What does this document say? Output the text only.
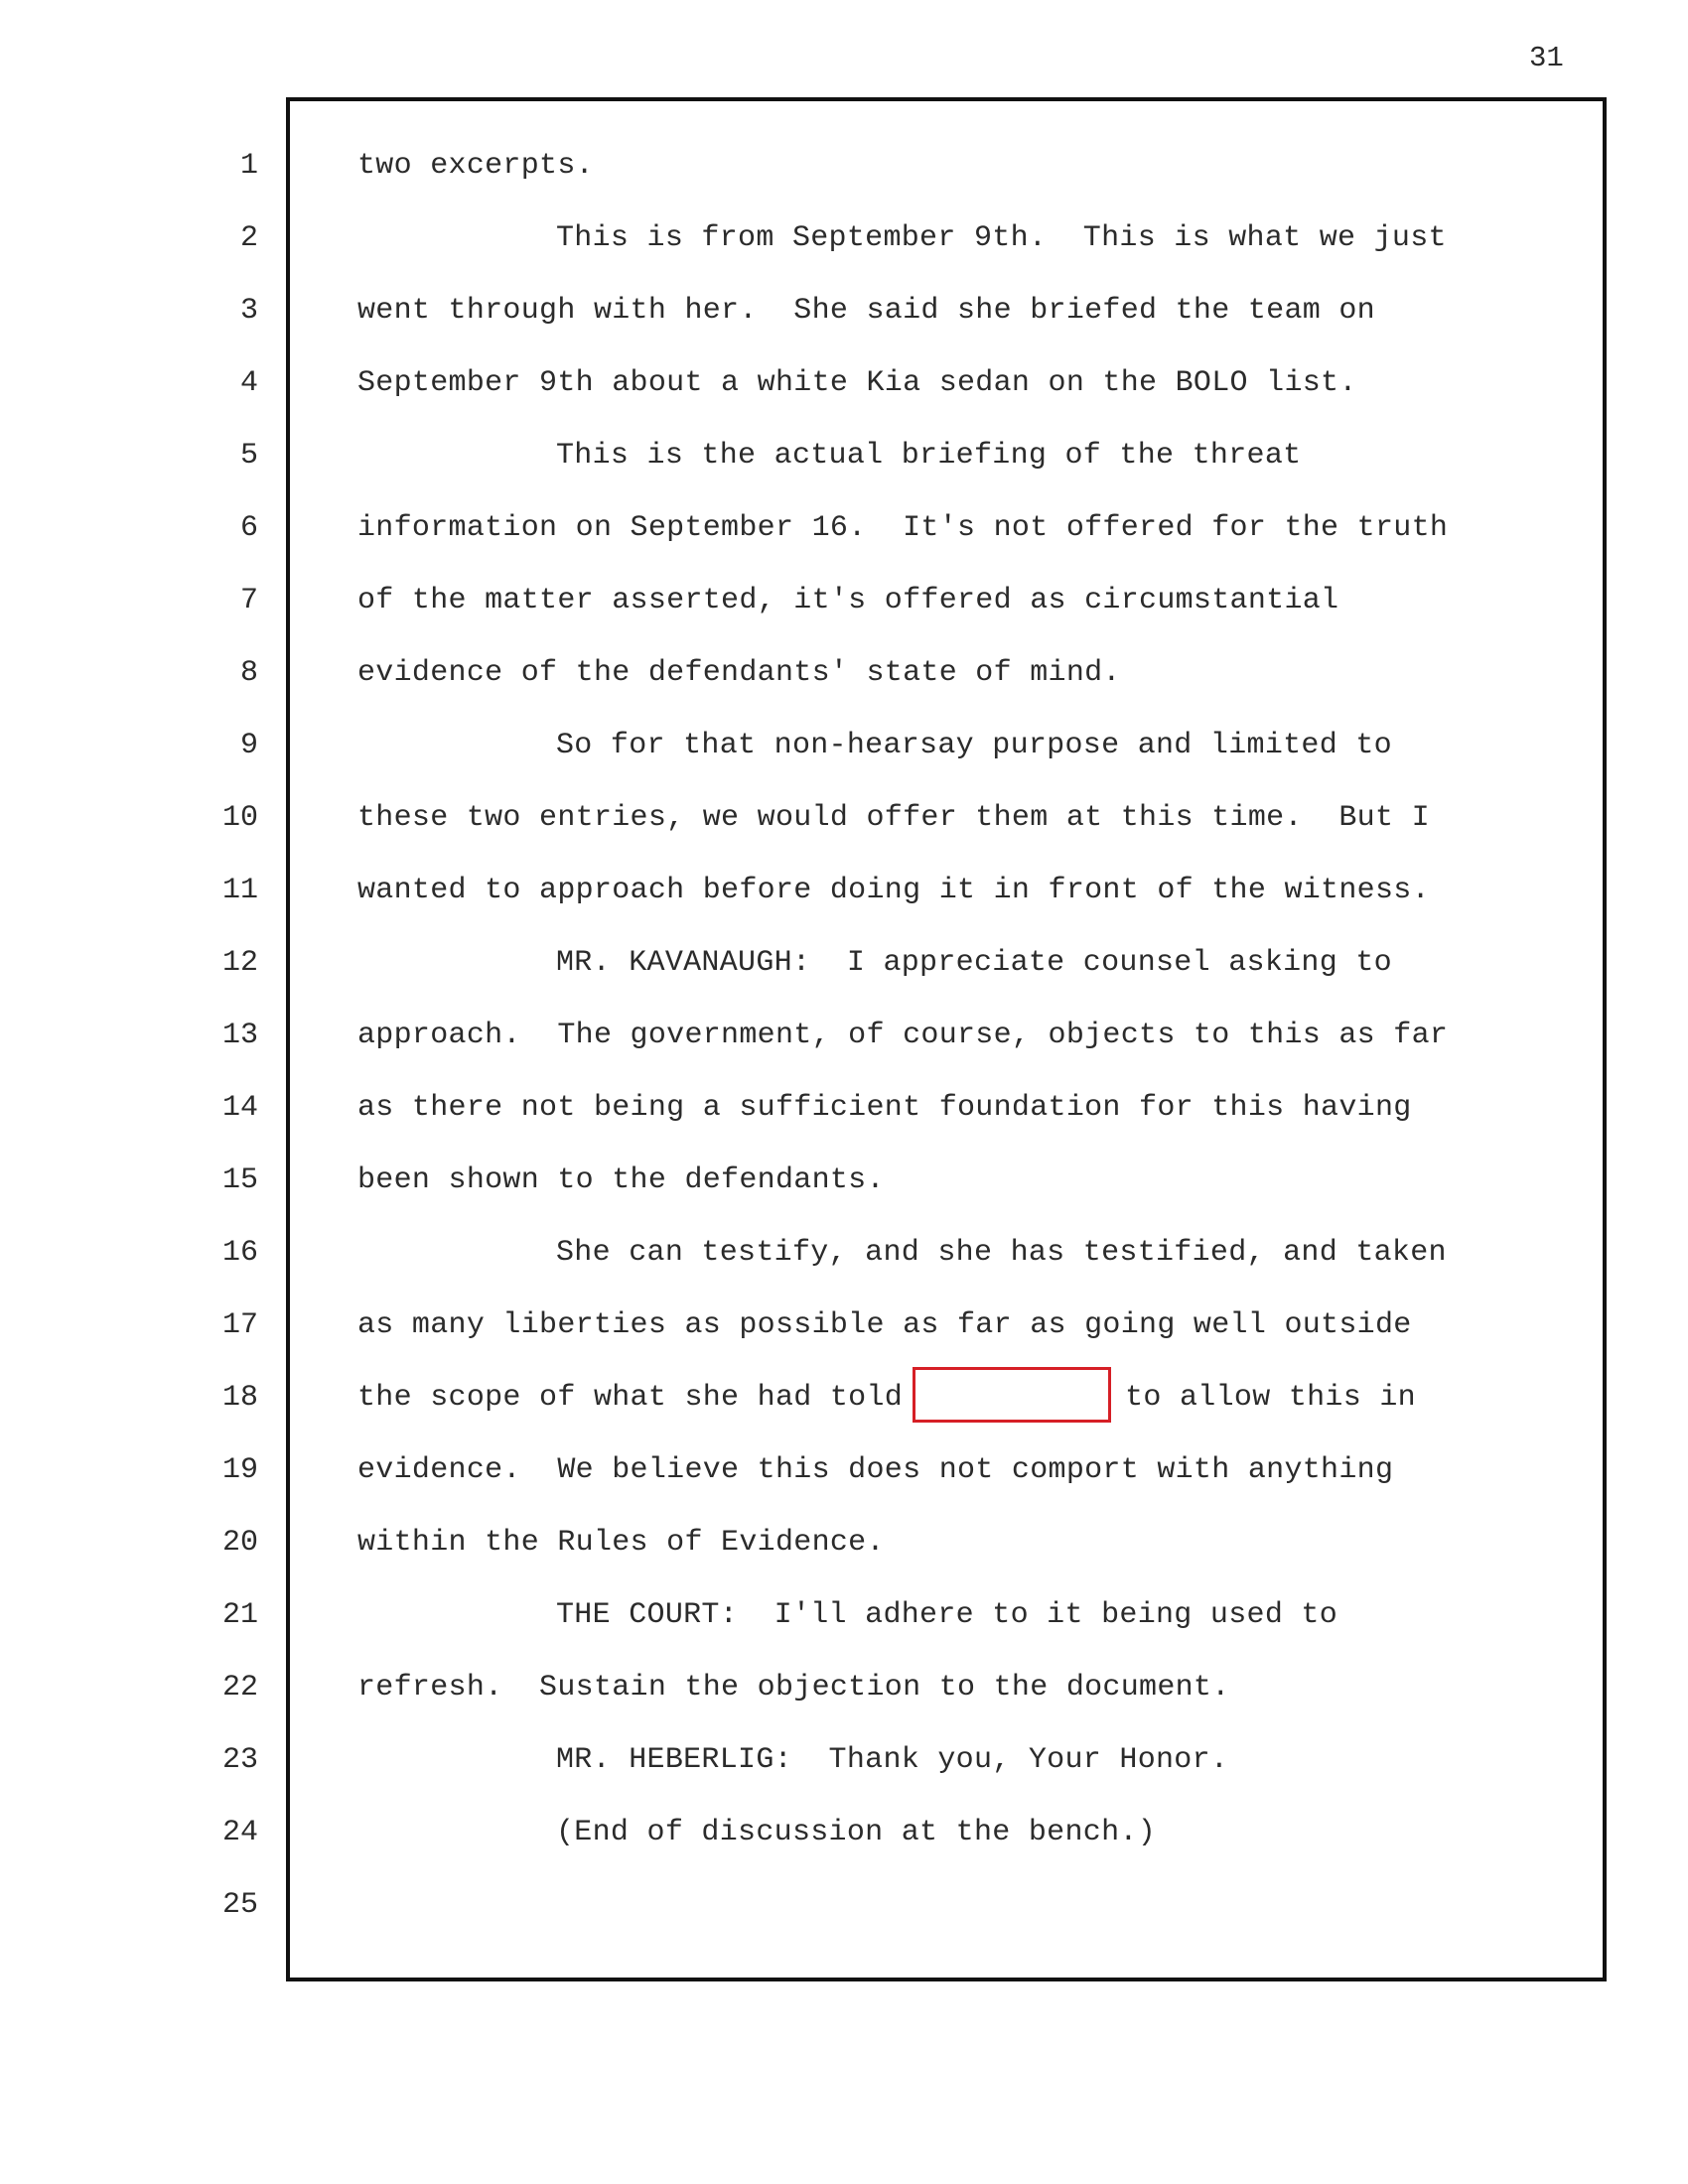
31
1
2
3
4
5
6
7
8
9
10
11
12
13
14
15
16
17
18
19
20
21
22
23
24
25
two excerpts.
This is from September 9th.  This is what we just
went through with her.  She said she briefed the team on
September 9th about a white Kia sedan on the BOLO list.
This is the actual briefing of the threat
information on September 16.  It's not offered for the truth
of the matter asserted, it's offered as circumstantial
evidence of the defendants' state of mind.
So for that non-hearsay purpose and limited to
these two entries, we would offer them at this time.  But I
wanted to approach before doing it in front of the witness.
MR. KAVANAUGH:  I appreciate counsel asking to
approach.  The government, of course, objects to this as far
as there not being a sufficient foundation for this having
been shown to the defendants.
She can testify, and she has testified, and taken
as many liberties as possible as far as going well outside
the scope of what she had told	to allow this in
evidence.  We believe this does not comport with anything
within the Rules of Evidence.
THE COURT:  I'll adhere to it being used to
refresh.  Sustain the objection to the document.
MR. HEBERLIG:  Thank you, Your Honor.
(End of discussion at the bench.)
